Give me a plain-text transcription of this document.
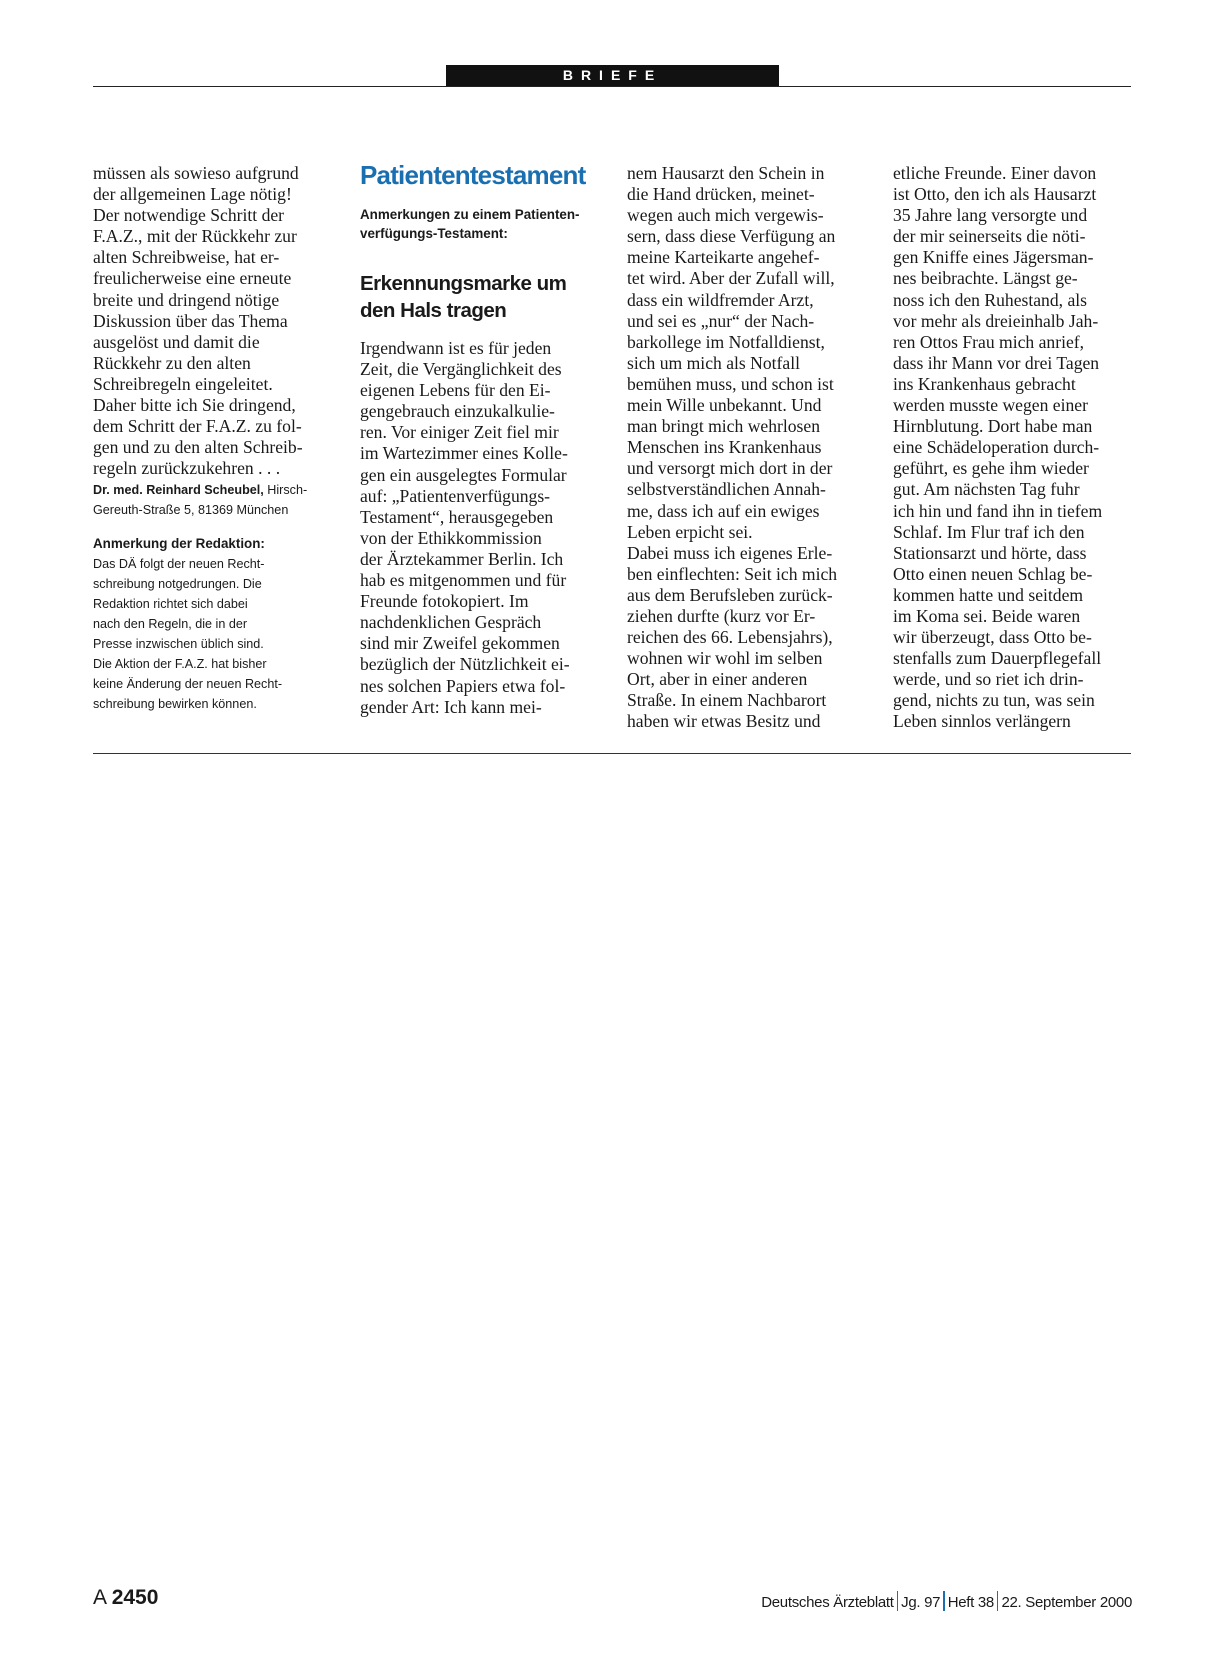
BRIEFE
müssen als sowieso aufgrund
der allgemeinen Lage nötig!
Der notwendige Schritt der
F.A.Z., mit der Rückkehr zur
alten Schreibweise, hat er-
freulicherweise eine erneute
breite und dringend nötige
Diskussion über das Thema
ausgelöst und damit die
Rückkehr zu den alten
Schreibregeln eingeleitet.
Daher bitte ich Sie dringend,
dem Schritt der F.A.Z. zu fol-
gen und zu den alten Schreib-
regeln zurückzukehren . . .
Dr. med. Reinhard Scheubel, Hirsch-
Gereuth-Straße 5, 81369 München
Anmerkung der Redaktion:
Das DÄ folgt der neuen Recht-
schreibung notgedrungen. Die
Redaktion richtet sich dabei
nach den Regeln, die in der
Presse inzwischen üblich sind.
Die Aktion der F.A.Z. hat bisher
keine Änderung der neuen Recht-
schreibung bewirken können.
Patiententestament
Anmerkungen zu einem Patienten-
verfügungs-Testament:
Erkennungsmarke um
den Hals tragen
Irgendwann ist es für jeden
Zeit, die Vergänglichkeit des
eigenen Lebens für den Ei-
gengebrauch einzukalkulie-
ren. Vor einiger Zeit fiel mir
im Wartezimmer eines Kolle-
gen ein ausgelegtes Formular
auf: „Patientenverfügungs-
Testament“, herausgegeben
von der Ethikkommission
der Ärztekammer Berlin. Ich
hab es mitgenommen und für
Freunde fotokopiert. Im
nachdenklichen Gespräch
sind mir Zweifel gekommen
bezüglich der Nützlichkeit ei-
nes solchen Papiers etwa fol-
gender Art: Ich kann mei-
nem Hausarzt den Schein in
die Hand drücken, meinet-
wegen auch mich vergewis-
sern, dass diese Verfügung an
meine Karteikarte angehef-
tet wird. Aber der Zufall will,
dass ein wildfremder Arzt,
und sei es „nur“ der Nach-
barkollege im Notfalldienst,
sich um mich als Notfall
bemühen muss, und schon ist
mein Wille unbekannt. Und
man bringt mich wehrlosen
Menschen ins Krankenhaus
und versorgt mich dort in der
selbstverständlichen Annah-
me, dass ich auf ein ewiges
Leben erpicht sei.
Dabei muss ich eigenes Erle-
ben einflechten: Seit ich mich
aus dem Berufsleben zurück-
ziehen durfte (kurz vor Er-
reichen des 66. Lebensjahrs),
wohnen wir wohl im selben
Ort, aber in einer anderen
Straße. In einem Nachbarort
haben wir etwas Besitz und
etliche Freunde. Einer davon
ist Otto, den ich als Hausarzt
35 Jahre lang versorgte und
der mir seinerseits die nöti-
gen Kniffe eines Jägersman-
nes beibrachte. Längst ge-
noss ich den Ruhestand, als
vor mehr als dreieinhalb Jah-
ren Ottos Frau mich anrief,
dass ihr Mann vor drei Tagen
ins Krankenhaus gebracht
werden musste wegen einer
Hirnblutung. Dort habe man
eine Schädeloperation durch-
geführt, es gehe ihm wieder
gut. Am nächsten Tag fuhr
ich hin und fand ihn in tiefem
Schlaf. Im Flur traf ich den
Stationsarzt und hörte, dass
Otto einen neuen Schlag be-
kommen hatte und seitdem
im Koma sei. Beide waren
wir überzeugt, dass Otto be-
stenfalls zum Dauerpflegefall
werde, und so riet ich drin-
gend, nichts zu tun, was sein
Leben sinnlos verlängern
A 2450	Deutsches Ärzteblatt Jg. 97 Heft 38 22. September 2000
